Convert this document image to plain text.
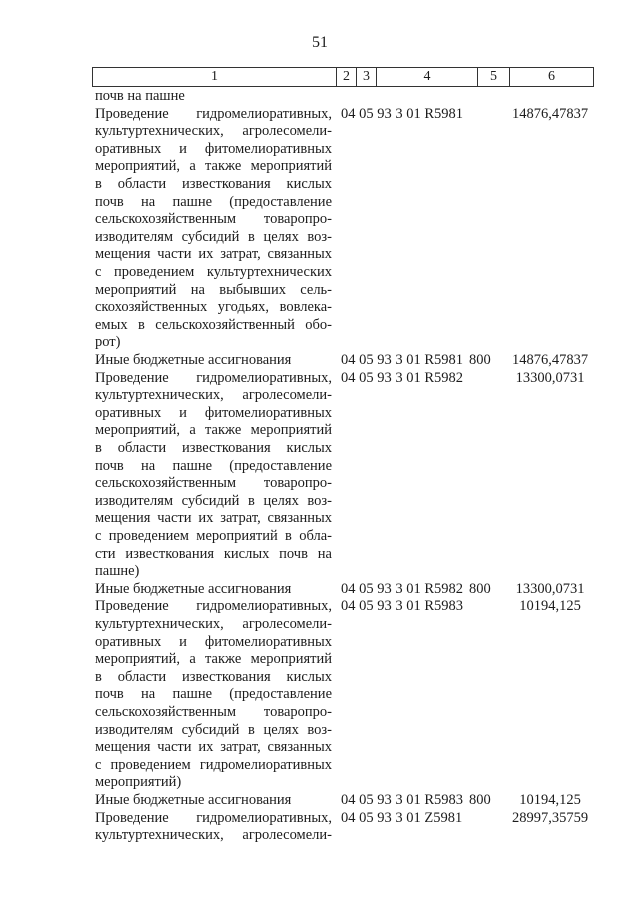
51
1	2 3	4	5	6
почв на пашне
Проведение гидромелиоративных,
культуртехнических, агролесомели-
оративных и фитомелиоративных
мероприятий, а также мероприятий
в области известкования кислых
почв на пашне (предоставление
сельскохозяйственным товаропро-
изводителям субсидий в целях воз-
мещения части их затрат, связанных
с проведением культуртехнических
мероприятий на выбывших сель-
скохозяйственных угодьях, вовлека-
емых в сельскохозяйственный обо-
рот)
04 05 93 3 01 R5981	14876,47837
Иные бюджетные ассигнования	04 05 93 3 01 R5981 800	14876,47837
Проведение гидромелиоративных,
культуртехнических, агролесомели-
оративных и фитомелиоративных
мероприятий, а также мероприятий
в области известкования кислых
почв на пашне (предоставление
сельскохозяйственным товаропро-
изводителям субсидий в целях воз-
мещения части их затрат, связанных
с проведением мероприятий в обла-
сти известкования кислых почв на
пашне)
04 05 93 3 01 R5982	13300,0731
Иные бюджетные ассигнования	04 05 93 3 01 R5982 800	13300,0731
Проведение гидромелиоративных,
культуртехнических, агролесомели-
оративных и фитомелиоративных
мероприятий, а также мероприятий
в области известкования кислых
почв на пашне (предоставление
сельскохозяйственным товаропро-
изводителям субсидий в целях воз-
мещения части их затрат, связанных
с проведением гидромелиоративных
мероприятий)
04 05 93 3 01 R5983	10194,125
Иные бюджетные ассигнования	04 05 93 3 01 R5983 800	10194,125
Проведение гидромелиоративных,
культуртехнических, агролесомели-
04 05 93 3 01 Z5981	28997,35759
